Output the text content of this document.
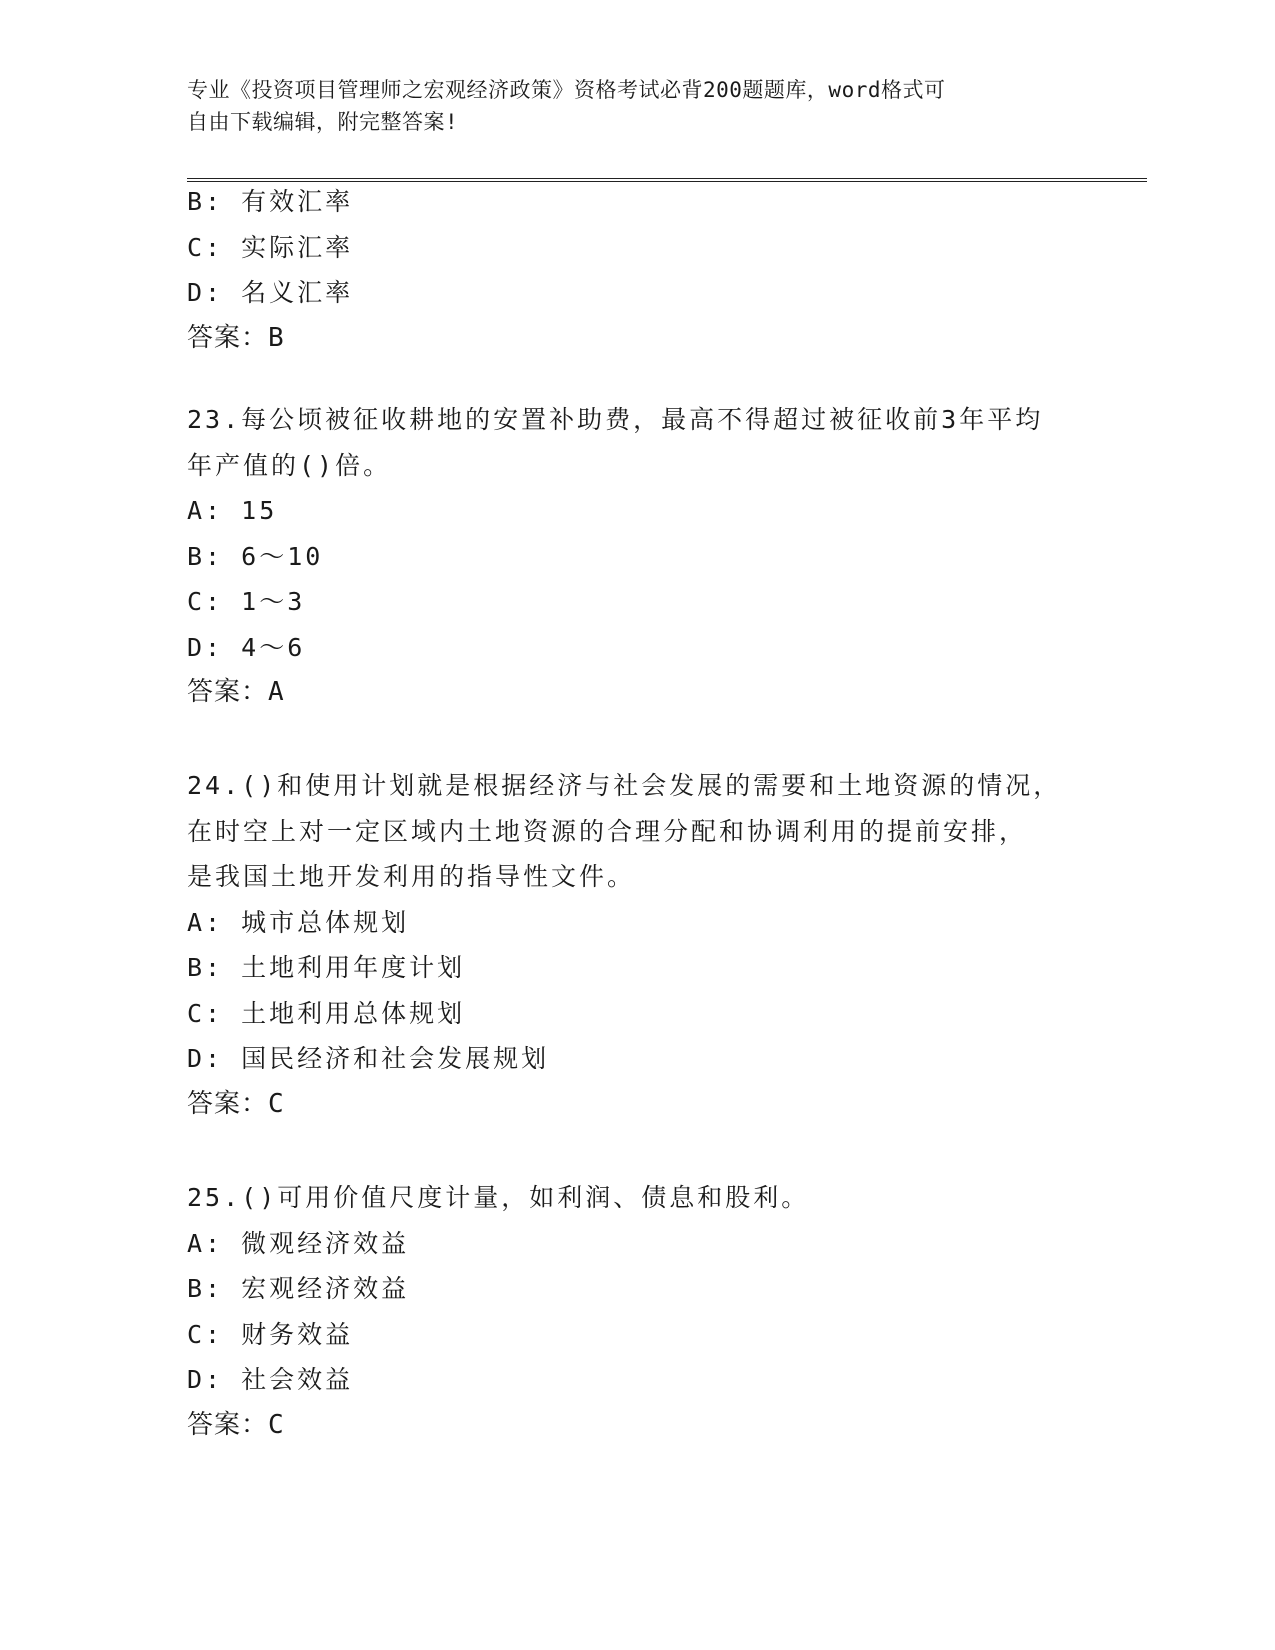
专业《投资项目管理师之宏观经济政策》资格考试必背200题题库，word格式可
自由下载编辑，附完整答案!
B: 有效汇率
C: 实际汇率
D: 名义汇率
答案：B
23.每公顷被征收耕地的安置补助费，最高不得超过被征收前3年平均
年产值的()倍。
A: 15
B: 6～10
C: 1～3
D: 4～6
答案：A
24.()和使用计划就是根据经济与社会发展的需要和土地资源的情况，
在时空上对一定区域内土地资源的合理分配和协调利用的提前安排，
是我国土地开发利用的指导性文件。
A: 城市总体规划
B: 土地利用年度计划
C: 土地利用总体规划
D: 国民经济和社会发展规划
答案：C
25.()可用价值尺度计量，如利润、债息和股利。
A: 微观经济效益
B: 宏观经济效益
C: 财务效益
D: 社会效益
答案：C
